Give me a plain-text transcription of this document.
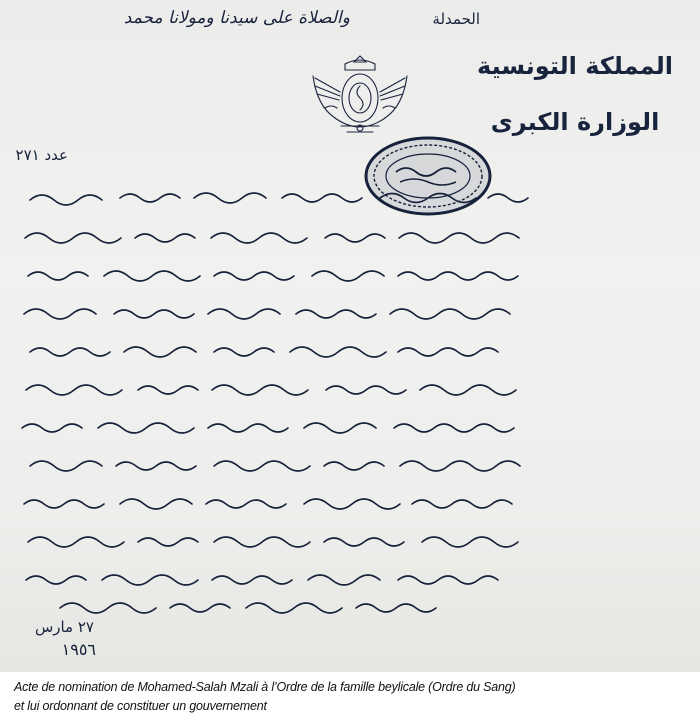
والصلاة على سيدنا ومولانا محمد	الحمدلة
المملكة التونسية
الوزارة الكبرى
عدد ٢٧١
٢٧ مارس
١٩٥٦
Acte de nomination de Mohamed-Salah Mzali à l’Ordre de la famille beylicale (Ordre du Sang)
et lui ordonnant de constituer un gouvernement
